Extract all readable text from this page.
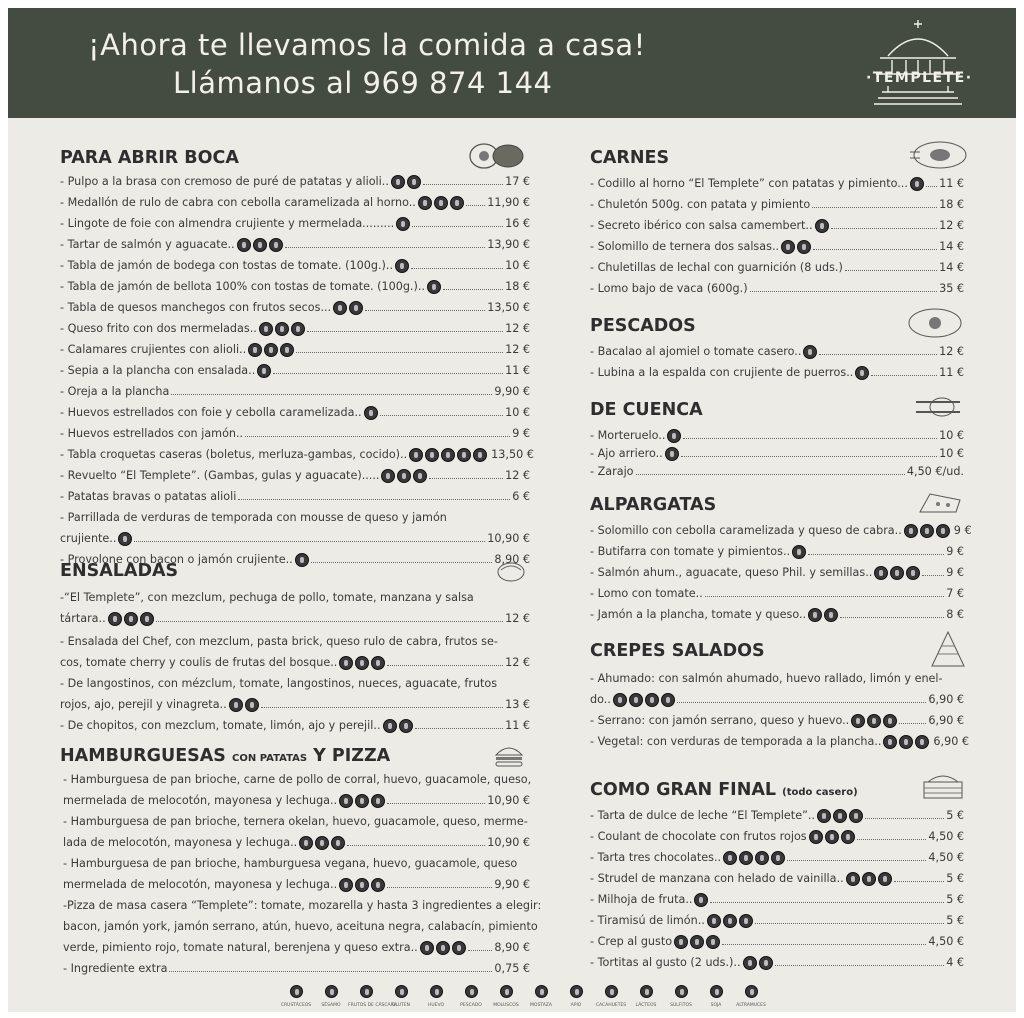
¡Ahora te llevamos la comida a casa!
Llámanos al 969 874 144	·TEMPLETE·
PARA ABRIR BOCA
CRUSTÁCEOS	SÉSAMO	FRUTOS DE CÁSCARA
GLUTEN	HUEVO	PESCADO	MOLUSCOS	MOSTAZA	APIO	CACAHUETES	LÁCTEOS	SULFITOS	SOJA	ALTRAMUCES
- Pulpo a la brasa con cremoso de puré de patatas y alioli..	17 €
- Medallón de rulo de cabra con cebolla caramelizada al horno..	11,90 €
- Lingote de foie con almendra crujiente y mermelada.........	16 €
- Tartar de salmón y aguacate..	13,90 €
- Tabla de jamón de bodega con tostas de tomate. (100g.)..	10 €
- Tabla de jamón de bellota 100% con tostas de tomate. (100g.)..	18 €
- Tabla de quesos manchegos con frutos secos...	13,50 €
- Queso frito con dos mermeladas..	12 €
- Calamares crujientes con alioli..	12 €
- Sepia a la plancha con ensalada..	11 €
- Oreja a la plancha	9,90 €
- Huevos estrellados con foie y cebolla caramelizada..	10 €
- Huevos estrellados con jamón..	9 €
- Tabla croquetas caseras (boletus, merluza-gambas, cocido)..	13,50 €
- Revuelto “El Templete”. (Gambas, gulas y aguacate).....	12 €
- Patatas bravas o patatas alioli	6 €
- Parrillada de verduras de temporada con mousse de queso y jamón
crujiente..	10,90 €
- Provolone con bacon o jamón crujiente..	8,90 €
ENSALADAS
-“El Templete”, con mezclum, pechuga de pollo, tomate, manzana y salsa
tártara..	12 €
- Ensalada del Chef, con mezclum, pasta brick, queso rulo de cabra, frutos se-
cos, tomate cherry y coulis de frutas del bosque..	12 €
- De langostinos, con mézclum, tomate, langostinos, nueces, aguacate, frutos
rojos, ajo, perejil y vinagreta..	13 €
- De chopitos, con mezclum, tomate, limón, ajo y perejil..	11 €
HAMBURGUESAS CON PATATAS Y PIZZA
- Hamburguesa de pan brioche, carne de pollo de corral, huevo, guacamole, queso,
mermelada de melocotón, mayonesa y lechuga..	10,90 €
- Hamburguesa de pan brioche, ternera okelan, huevo, guacamole, queso, merme-
lada de melocotón, mayonesa y lechuga..	10,90 €
- Hamburguesa de pan brioche, hamburguesa vegana, huevo, guacamole, queso
mermelada de melocotón, mayonesa y lechuga..	9,90 €
-Pizza de masa casera “Templete”: tomate, mozarella y hasta 3 ingredientes a elegir:
bacon, jamón york, jamón serrano, atún, huevo, aceituna negra, calabacín, pimiento
verde, pimiento rojo, tomate natural, berenjena y queso extra..	8,90 €
- Ingrediente extra	0,75 €
CARNES
- Codillo al horno “El Templete” con patatas y pimiento...	11 €
- Chuletón 500g. con patata y pimiento	18 €
- Secreto ibérico con salsa camembert..	12 €
- Solomillo de ternera dos salsas..	14 €
- Chuletillas de lechal con guarnición (8 uds.)	14 €
- Lomo bajo de vaca (600g.)	35 €
PESCADOS
- Bacalao al ajomiel o tomate casero..	12 €
- Lubina a la espalda con crujiente de puerros..	11 €
DE CUENCA
- Morteruelo..	10 €
- Ajo arriero..	10 €
- Zarajo	4,50 €/ud.
ALPARGATAS
- Solomillo con cebolla caramelizada y queso de cabra..	9 €
- Butifarra con tomate y pimientos..	9 €
- Salmón ahum., aguacate, queso Phil. y semillas..	9 €
- Lomo con tomate..	7 €
- Jamón a la plancha, tomate y queso..	8 €
CREPES SALADOS
- Ahumado: con salmón ahumado, huevo rallado, limón y enel-
do..	6,90 €
- Serrano: con jamón serrano, queso y huevo..	6,90 €
- Vegetal: con verduras de temporada a la plancha..	6,90 €
COMO GRAN FINAL (todo casero)
- Tarta de dulce de leche “El Templete”..	5 €
- Coulant de chocolate con frutos rojos	4,50 €
- Tarta tres chocolates..	4,50 €
- Strudel de manzana con helado de vainilla..	5 €
- Milhoja de fruta..	5 €
- Tiramisú de limón..	5 €
- Crep al gusto	4,50 €
- Tortitas al gusto (2 uds.)..	4 €
